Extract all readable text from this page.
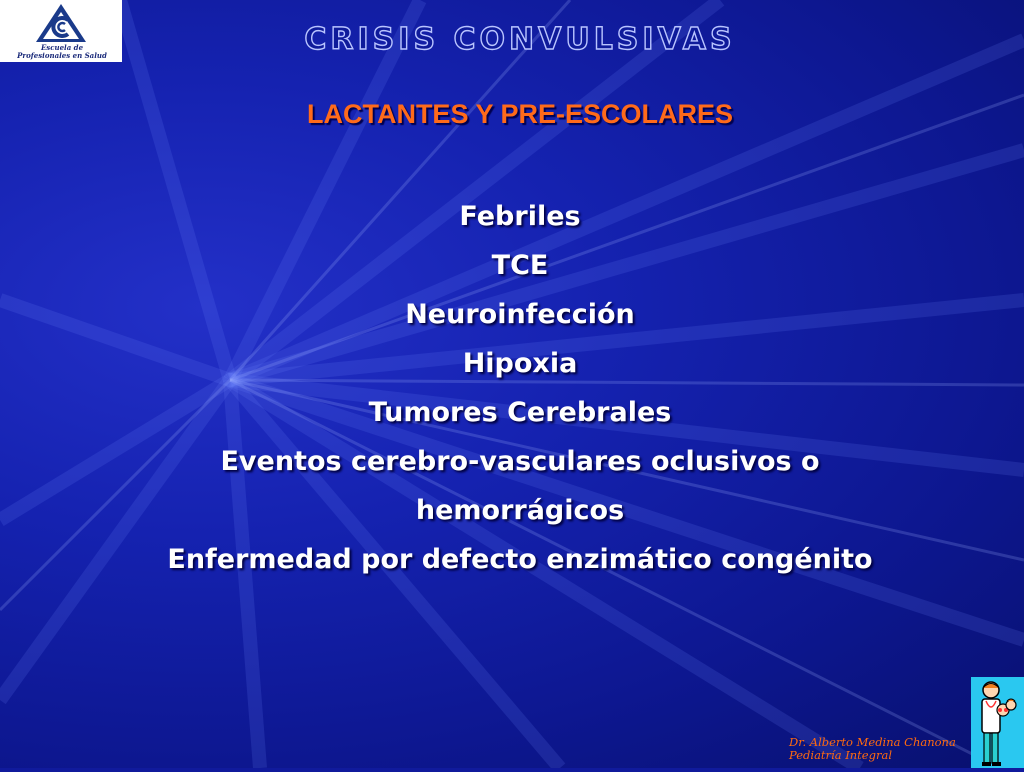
Escuela de
Profesionales en Salud	CRISIS CONVULSIVAS
LACTANTES Y PRE-ESCOLARES
Febriles
TCE
Neuroinfección
Hipoxia
Tumores Cerebrales
Eventos cerebro-vasculares oclusivos o
hemorrágicos
Enfermedad por defecto enzimático congénito
Dr. Alberto Medina Chanona
Pediatría Integral
